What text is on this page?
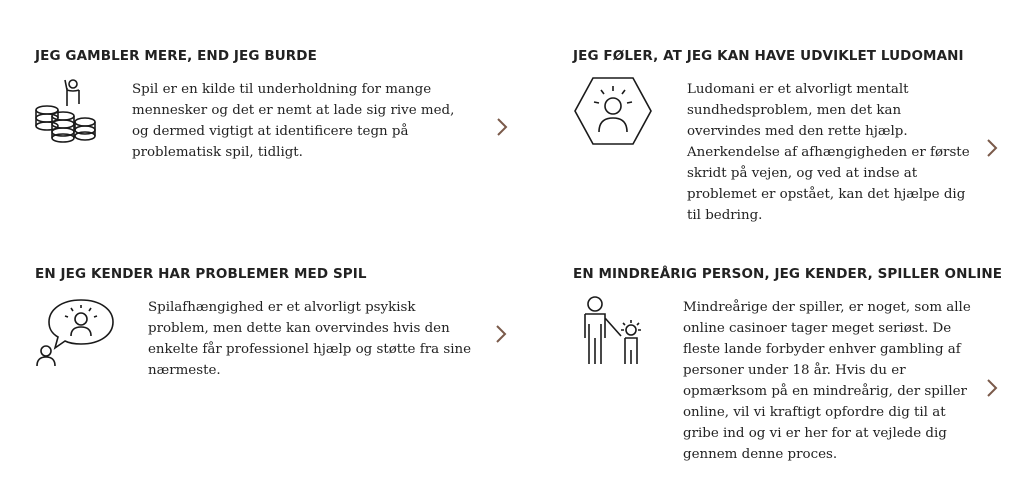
JEG GAMBLER MERE, END JEG BURDE
Spil er en kilde til underholdning for mange mennesker og det er nemt at lade sig rive med, og dermed vigtigt at identificere tegn på problematisk spil, tidligt.
JEG FØLER, AT JEG KAN HAVE UDVIKLET LUDOMANI
Ludomani er et alvorligt mentalt sundhedsproblem, men det kan overvindes med den rette hjælp. Anerkendelse af afhængigheden er første skridt på vejen, og ved at indse at problemet er opstået, kan det hjælpe dig til bedring.
EN JEG KENDER HAR PROBLEMER MED SPIL
Spilafhængighed er et alvorligt psykisk problem, men dette kan overvindes hvis den enkelte får professionel hjælp og støtte fra sine nærmeste.
EN MINDREÅRIG PERSON, JEG KENDER, SPILLER ONLINE
Mindreårige der spiller, er noget, som alle online casinoer tager meget seriøst. De fleste lande forbyder enhver gambling af personer under 18 år. Hvis du er opmærksom på en mindreårig, der spiller online, vil vi kraftigt opfordre dig til at gribe ind og vi er her for at vejlede dig gennem denne proces.
